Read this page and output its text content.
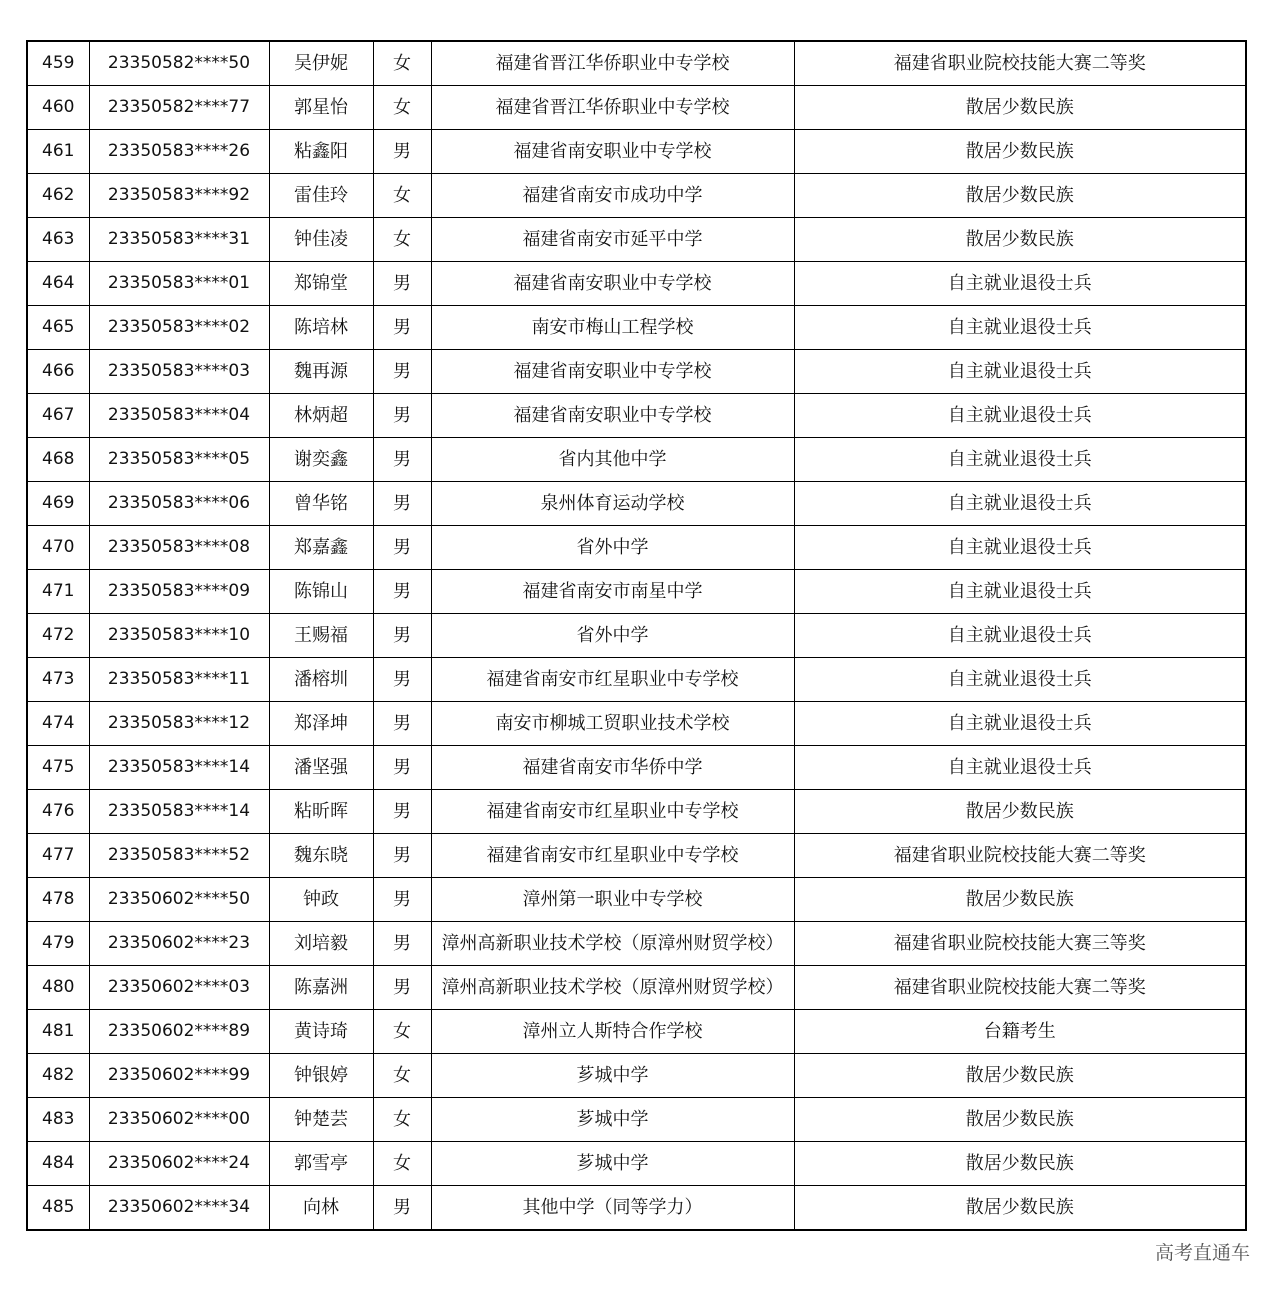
459	23350582****50	吴伊妮	女	福建省晋江华侨职业中专学校	福建省职业院校技能大赛二等奖
460	23350582****77	郭星怡	女	福建省晋江华侨职业中专学校	散居少数民族
461	23350583****26	粘鑫阳	男	福建省南安职业中专学校	散居少数民族
462	23350583****92	雷佳玲	女	福建省南安市成功中学	散居少数民族
463	23350583****31	钟佳凌	女	福建省南安市延平中学	散居少数民族
464	23350583****01	郑锦堂	男	福建省南安职业中专学校	自主就业退役士兵
465	23350583****02	陈培林	男	南安市梅山工程学校	自主就业退役士兵
466	23350583****03	魏再源	男	福建省南安职业中专学校	自主就业退役士兵
467	23350583****04	林炳超	男	福建省南安职业中专学校	自主就业退役士兵
468	23350583****05	谢奕鑫	男	省内其他中学	自主就业退役士兵
469	23350583****06	曾华铭	男	泉州体育运动学校	自主就业退役士兵
470	23350583****08	郑嘉鑫	男	省外中学	自主就业退役士兵
471	23350583****09	陈锦山	男	福建省南安市南星中学	自主就业退役士兵
472	23350583****10	王赐福	男	省外中学	自主就业退役士兵
473	23350583****11	潘榕圳	男	福建省南安市红星职业中专学校	自主就业退役士兵
474	23350583****12	郑泽坤	男	南安市柳城工贸职业技术学校	自主就业退役士兵
475	23350583****14	潘坚强	男	福建省南安市华侨中学	自主就业退役士兵
476	23350583****14	粘昕晖	男	福建省南安市红星职业中专学校	散居少数民族
477	23350583****52	魏东晓	男	福建省南安市红星职业中专学校	福建省职业院校技能大赛二等奖
478	23350602****50	钟政	男	漳州第一职业中专学校	散居少数民族
479	23350602****23	刘培毅	男	漳州高新职业技术学校（原漳州财贸学校）	福建省职业院校技能大赛三等奖
480	23350602****03	陈嘉洲	男	漳州高新职业技术学校（原漳州财贸学校）	福建省职业院校技能大赛二等奖
481	23350602****89	黄诗琦	女	漳州立人斯特合作学校	台籍考生
482	23350602****99	钟银婷	女	芗城中学	散居少数民族
483	23350602****00	钟楚芸	女	芗城中学	散居少数民族
484	23350602****24	郭雪亭	女	芗城中学	散居少数民族
485	23350602****34	向林	男	其他中学（同等学力）	散居少数民族
高考直通车
